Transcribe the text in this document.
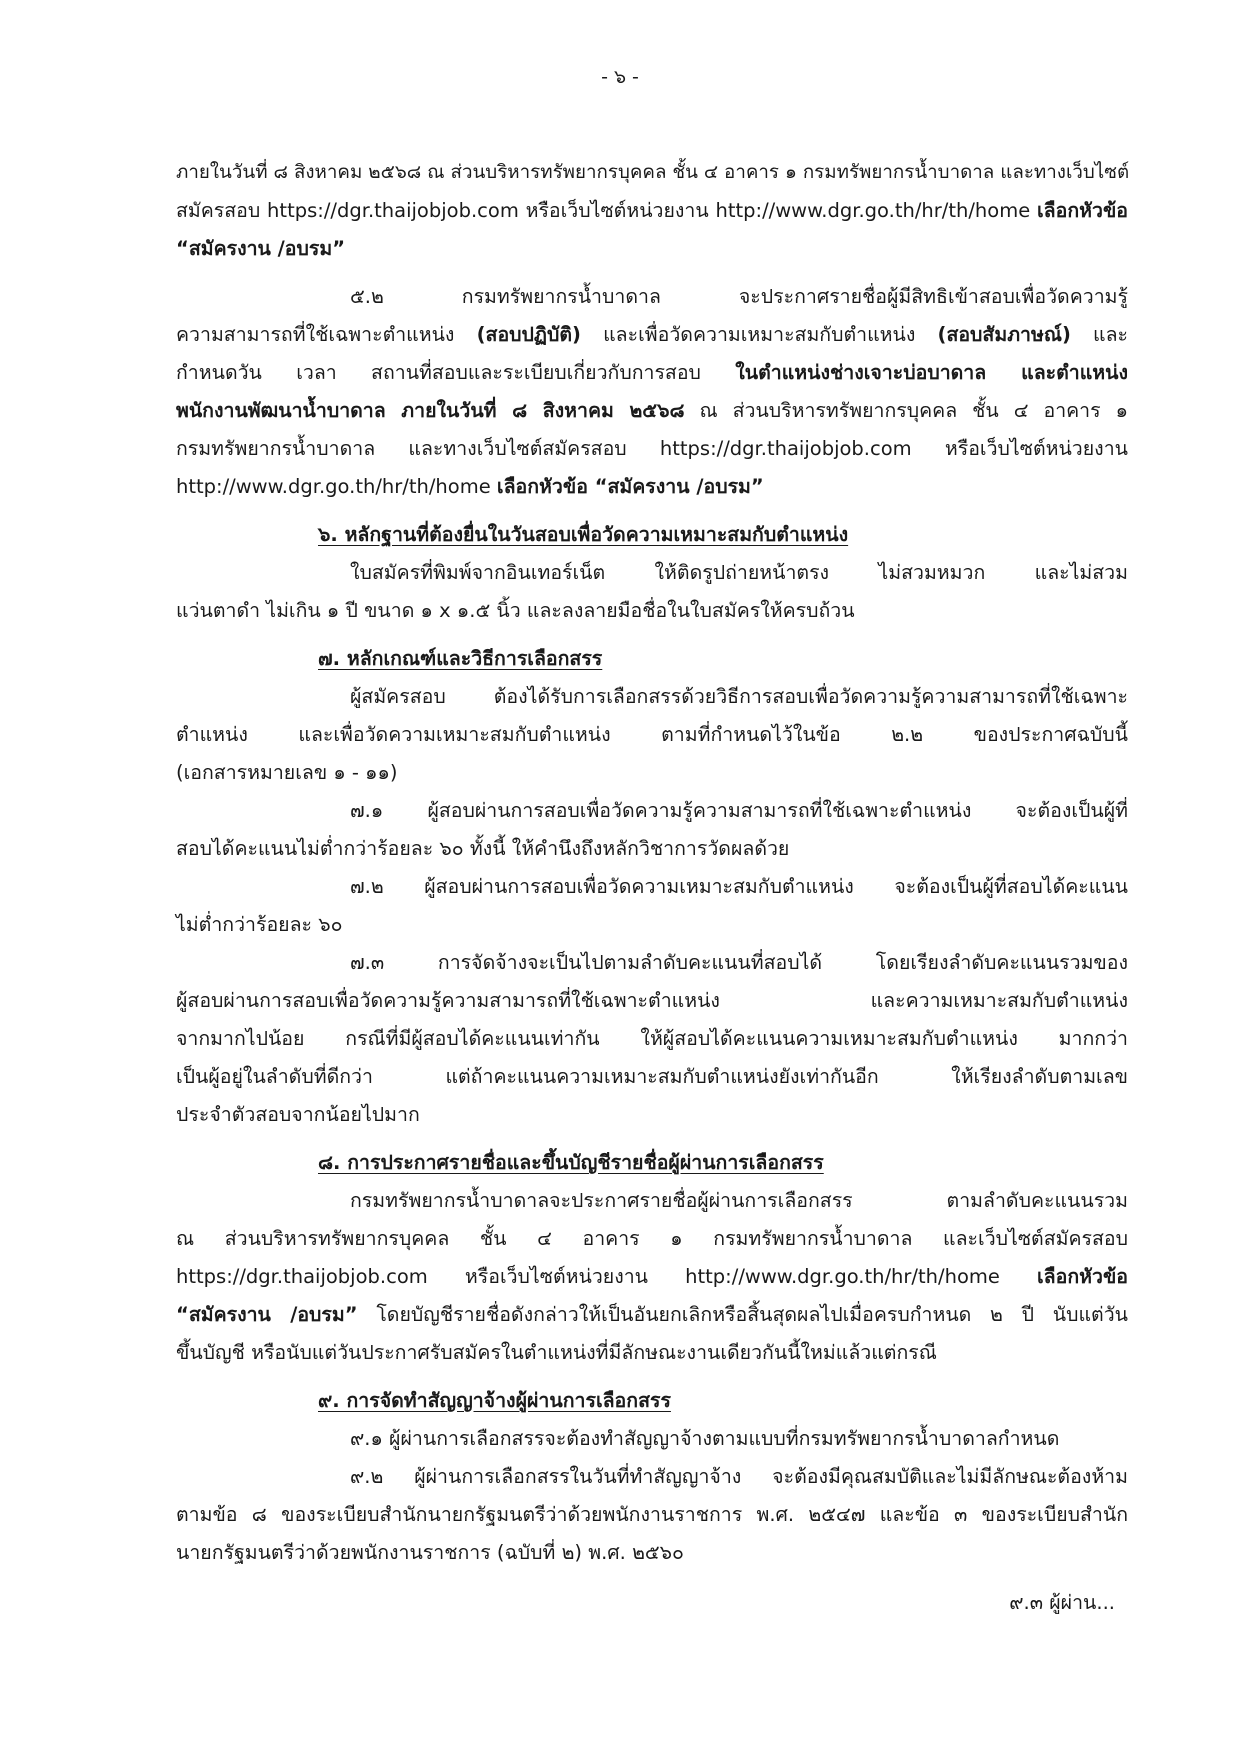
- ๖ -
ภายในวันที่ ๘ สิงหาคม ๒๕๖๘ ณ ส่วนบริหารทรัพยากรบุคคล ชั้น ๔ อาคาร ๑ กรมทรัพยากรน้ำบาดาล และทางเว็บไซต์
สมัครสอบ https://dgr.thaijobjob.com หรือเว็บไซต์หน่วยงาน http://www.dgr.go.th/hr/th/home เลือกหัวข้อ
“สมัครงาน /อบรม”
๕.๒ กรมทรัพยากรน้ำบาดาล จะประกาศรายชื่อผู้มีสิทธิเข้าสอบเพื่อวัดความรู้
ความสามารถที่ใช้เฉพาะตำแหน่ง (สอบปฏิบัติ) และเพื่อวัดความเหมาะสมกับตำแหน่ง (สอบสัมภาษณ์) และ
กำหนดวัน เวลา สถานที่สอบและระเบียบเกี่ยวกับการสอบ ในตำแหน่งช่างเจาะบ่อบาดาล และตำแหน่ง
พนักงานพัฒนาน้ำบาดาล ภายในวันที่ ๘ สิงหาคม ๒๕๖๘ ณ ส่วนบริหารทรัพยากรบุคคล ชั้น ๔ อาคาร ๑
กรมทรัพยากรน้ำบาดาล และทางเว็บไซต์สมัครสอบ https://dgr.thaijobjob.com หรือเว็บไซต์หน่วยงาน
http://www.dgr.go.th/hr/th/home เลือกหัวข้อ “สมัครงาน /อบรม”
๖. หลักฐานที่ต้องยื่นในวันสอบเพื่อวัดความเหมาะสมกับตำแหน่ง
ใบสมัครที่พิมพ์จากอินเทอร์เน็ต ให้ติดรูปถ่ายหน้าตรง ไม่สวมหมวก และไม่สวม
แว่นตาดำ ไม่เกิน ๑ ปี ขนาด ๑ x ๑.๕ นิ้ว และลงลายมือชื่อในใบสมัครให้ครบถ้วน
๗. หลักเกณฑ์และวิธีการเลือกสรร
ผู้สมัครสอบ ต้องได้รับการเลือกสรรด้วยวิธีการสอบเพื่อวัดความรู้ความสามารถที่ใช้เฉพาะ
ตำแหน่ง และเพื่อวัดความเหมาะสมกับตำแหน่ง ตามที่กำหนดไว้ในข้อ ๒.๒ ของประกาศฉบับนี้
(เอกสารหมายเลข ๑ - ๑๑)
๗.๑ ผู้สอบผ่านการสอบเพื่อวัดความรู้ความสามารถที่ใช้เฉพาะตำแหน่ง จะต้องเป็นผู้ที่
สอบได้คะแนนไม่ต่ำกว่าร้อยละ ๖๐ ทั้งนี้ ให้คำนึงถึงหลักวิชาการวัดผลด้วย
๗.๒ ผู้สอบผ่านการสอบเพื่อวัดความเหมาะสมกับตำแหน่ง จะต้องเป็นผู้ที่สอบได้คะแนน
ไม่ต่ำกว่าร้อยละ ๖๐
๗.๓ การจัดจ้างจะเป็นไปตามลำดับคะแนนที่สอบได้ โดยเรียงลำดับคะแนนรวมของ
ผู้สอบผ่านการสอบเพื่อวัดความรู้ความสามารถที่ใช้เฉพาะตำแหน่ง และความเหมาะสมกับตำแหน่ง
จากมากไปน้อย กรณีที่มีผู้สอบได้คะแนนเท่ากัน ให้ผู้สอบได้คะแนนความเหมาะสมกับตำแหน่ง มากกว่า
เป็นผู้อยู่ในลำดับที่ดีกว่า แต่ถ้าคะแนนความเหมาะสมกับตำแหน่งยังเท่ากันอีก ให้เรียงลำดับตามเลข
ประจำตัวสอบจากน้อยไปมาก
๘. การประกาศรายชื่อและขึ้นบัญชีรายชื่อผู้ผ่านการเลือกสรร
กรมทรัพยากรน้ำบาดาลจะประกาศรายชื่อผู้ผ่านการเลือกสรร ตามลำดับคะแนนรวม
ณ ส่วนบริหารทรัพยากรบุคคล ชั้น ๔ อาคาร ๑ กรมทรัพยากรน้ำบาดาล และเว็บไซต์สมัครสอบ
https://dgr.thaijobjob.com หรือเว็บไซต์หน่วยงาน http://www.dgr.go.th/hr/th/home เลือกหัวข้อ
“สมัครงาน /อบรม” โดยบัญชีรายชื่อดังกล่าวให้เป็นอันยกเลิกหรือสิ้นสุดผลไปเมื่อครบกำหนด ๒ ปี นับแต่วัน
ขึ้นบัญชี หรือนับแต่วันประกาศรับสมัครในตำแหน่งที่มีลักษณะงานเดียวกันนี้ใหม่แล้วแต่กรณี
๙. การจัดทำสัญญาจ้างผู้ผ่านการเลือกสรร
๙.๑ ผู้ผ่านการเลือกสรรจะต้องทำสัญญาจ้างตามแบบที่กรมทรัพยากรน้ำบาดาลกำหนด
๙.๒ ผู้ผ่านการเลือกสรรในวันที่ทำสัญญาจ้าง จะต้องมีคุณสมบัติและไม่มีลักษณะต้องห้าม
ตามข้อ ๘ ของระเบียบสำนักนายกรัฐมนตรีว่าด้วยพนักงานราชการ พ.ศ. ๒๕๔๗ และข้อ ๓ ของระเบียบสำนัก
นายกรัฐมนตรีว่าด้วยพนักงานราชการ (ฉบับที่ ๒) พ.ศ. ๒๕๖๐
๙.๓ ผู้ผ่าน...
